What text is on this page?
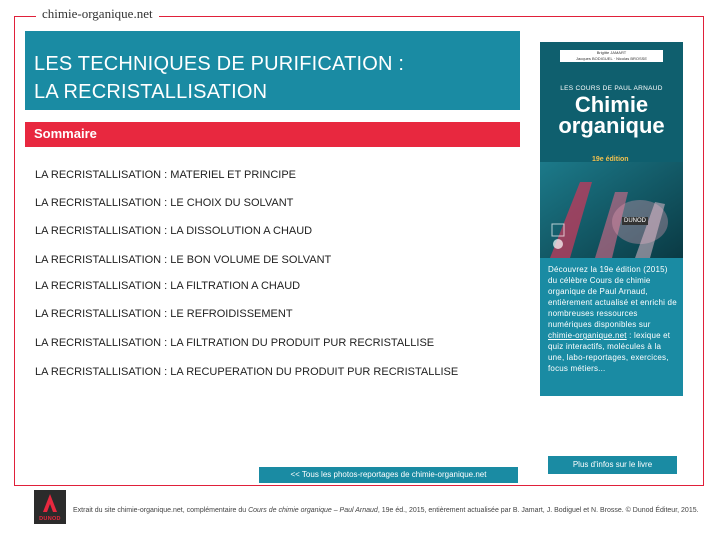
chimie-organique.net
LES TECHNIQUES DE PURIFICATION :
LA RECRISTALLISATION
Sommaire
LA RECRISTALLISATION : MATERIEL ET PRINCIPE
LA RECRISTALLISATION : LE CHOIX DU SOLVANT
LA RECRISTALLISATION : LA DISSOLUTION A CHAUD
LA RECRISTALLISATION : LE BON VOLUME DE SOLVANT
LA RECRISTALLISATION : LA FILTRATION A CHAUD
LA RECRISTALLISATION : LE REFROIDISSEMENT
LA RECRISTALLISATION : LA FILTRATION DU PRODUIT PUR RECRISTALLISE
LA RECRISTALLISATION : LA RECUPERATION DU PRODUIT PUR RECRISTALLISE
Brigitte JAMART
Jacques BODIGUEL · Nicolas BROSSE
LES COURS DE PAUL ARNAUD
Chimie
organique
19e édition
DUNOD
Découvrez la 19e édition (2015) du célèbre Cours de chimie organique de Paul Arnaud, entièrement actualisé et enrichi de nombreuses ressources numériques disponibles sur chimie-organique.net : lexique et quiz interactifs, molécules à la une, labo-reportages, exercices, focus métiers...
Plus d'infos sur le livre
<< Tous les photos-reportages de chimie-organique.net
DUNOD
Extrait du site chimie-organique.net, complémentaire du Cours de chimie organique – Paul Arnaud, 19e éd., 2015, entièrement actualisée par B. Jamart, J. Bodiguel et N. Brosse. © Dunod Éditeur, 2015.
